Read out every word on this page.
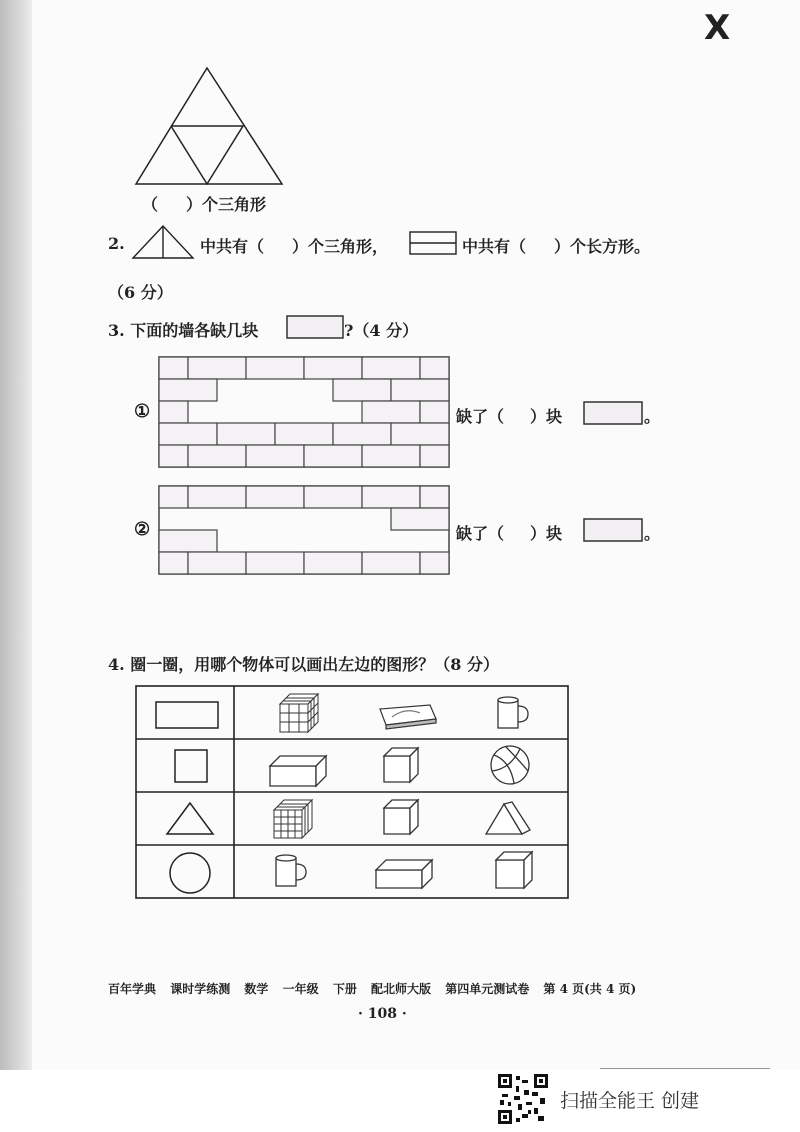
X
（ ）个三角形
2.	中共有（ ）个三角形，	中共有（ ）个长方形。
（6 分）
3. 下面的墙各缺几块	?（4 分）
①	缺了（ ）块	。
②	缺了（ ）块	。
4. 圈一圈，用哪个物体可以画出左边的图形？（8 分）
百年学典 课时学练测 数学 一年级 下册 配北师大版 第四单元测试卷 第 4 页(共 4 页)
· 108 ·
扫描全能王 创建
